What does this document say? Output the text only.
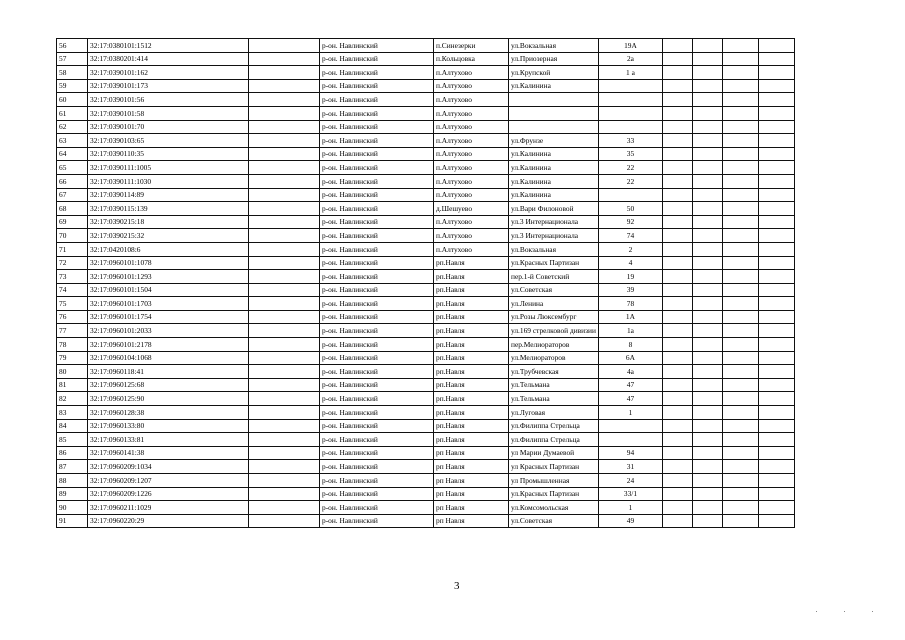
56	32:17:0380101:1512		р-он. Навлинский	п.Синезерки	ул.Вокзальная	19А				
57	32:17:0380201:414		р-он. Навлинский	п.Кольцовка	ул.Приозерная	2а				
58	32:17:0390101:162		р-он. Навлинский	п.Алтухово	ул.Крупской	1 а				
59	32:17:0390101:173		р-он. Навлинский	п.Алтухово	ул.Калинина					
60	32:17:0390101:56		р-он. Навлинский	п.Алтухово						
61	32:17:0390101:58		р-он. Навлинский	п.Алтухово						
62	32:17:0390101:70		р-он. Навлинский	п.Алтухово						
63	32:17:0390103:65		р-он. Навлинский	п.Алтухово	ул.Фрунзе	33				
64	32:17:0390110:35		р-он. Навлинский	п.Алтухово	ул.Калинина	35				
65	32:17:0390111:1005		р-он. Навлинский	п.Алтухово	ул.Калинина	22				
66	32:17:0390111:1030		р-он. Навлинский	п.Алтухово	ул.Калинина	22				
67	32:17:0390114:89		р-он. Навлинский	п.Алтухово	ул.Калинина					
68	32:17:0390115:139		р-он. Навлинский	д.Шешуево	ул.Вари Филоновой	50				
69	32:17:0390215:18		р-он. Навлинский	п.Алтухово	ул.3 Интернационала	92				
70	32:17:0390215:32		р-он. Навлинский	п.Алтухово	ул.3 Интернационала	74				
71	32:17:0420108:6		р-он. Навлинский	п.Алтухово	ул.Вокзальная	2				
72	32:17:0960101:1078		р-он. Навлинский	рп.Навля	ул.Красных Партизан	4				
73	32:17:0960101:1293		р-он. Навлинский	рп.Навля	пер.1-й Советский	19				
74	32:17:0960101:1504		р-он. Навлинский	рп.Навля	ул.Советская	39				
75	32:17:0960101:1703		р-он. Навлинский	рп.Навля	ул.Ленина	78				
76	32:17:0960101:1754		р-он. Навлинский	рп.Навля	ул.Розы Люксембург	1А				
77	32:17:0960101:2033		р-он. Навлинский	рп.Навля	ул.169 стрелковой дивизии	1а				
78	32:17:0960101:2178		р-он. Навлинский	рп.Навля	пер.Мелиораторов	8				
79	32:17:0960104:1068		р-он. Навлинский	рп.Навля	ул.Мелиораторов	6А				
80	32:17:0960118:41		р-он. Навлинский	рп.Навля	ул.Трубчевская	4а				
81	32:17:0960125:68		р-он. Навлинский	рп.Навля	ул.Тельмана	47				
82	32:17:0960125:90		р-он. Навлинский	рп.Навля	ул.Тельмана	47				
83	32:17:0960128:38		р-он. Навлинский	рп.Навля	ул.Луговая	1				
84	32:17:0960133:80		р-он. Навлинский	рп.Навля	ул.Филиппа Стрельца					
85	32:17:0960133:81		р-он. Навлинский	рп.Навля	ул.Филиппа Стрельца					
86	32:17:0960141:38		р-он. Навлинский	рп Навля	ул Марии Думаевой	94				
87	32:17:0960209:1034		р-он. Навлинский	рп Навля	ул Красных Партизан	31				
88	32:17:0960209:1207		р-он. Навлинский	рп Навля	ул Промышленная	24				
89	32:17:0960209:1226		р-он. Навлинский	рп Навля	ул.Красных Партизан	33/1				
90	32:17:0960211:1029		р-он. Навлинский	рп Навля	ул.Комсомольская	1				
91	32:17:0960220:29		р-он. Навлинский	рп Навля	ул.Советская	49				
3
